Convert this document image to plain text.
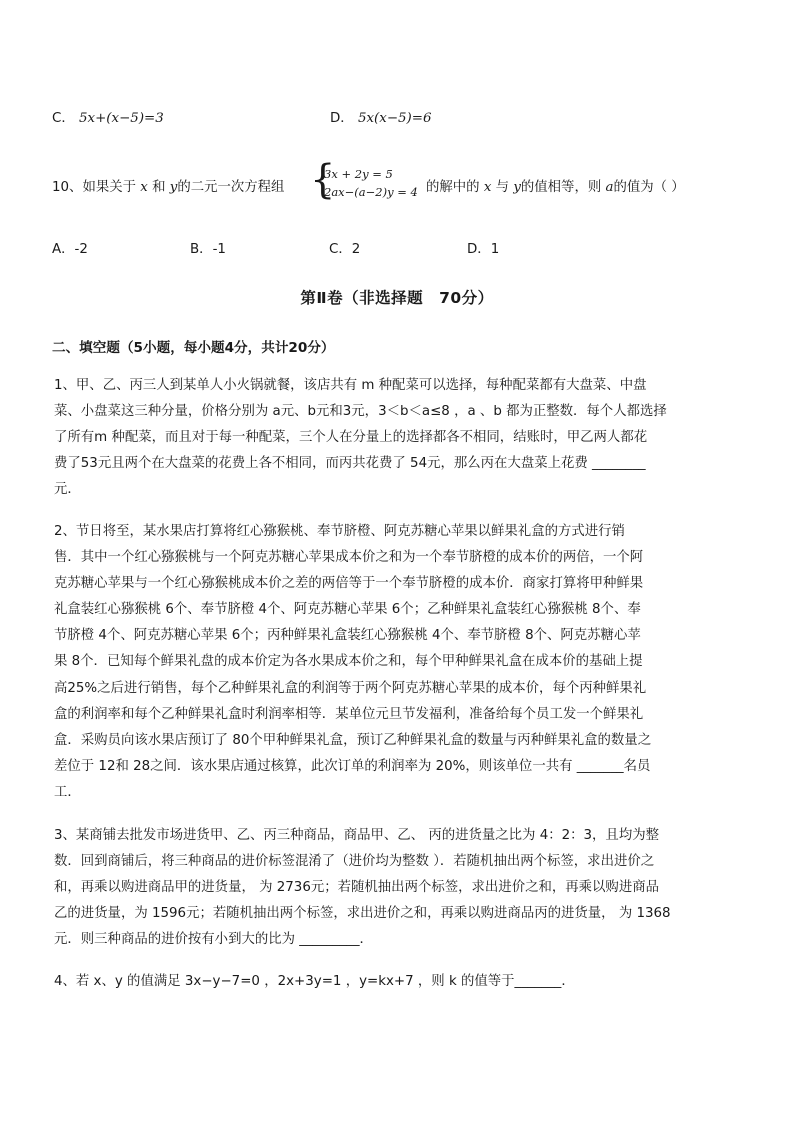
C． 5x+(x−5)=3	D． 5x(x−5)=6
10、如果关于 x 和 y的二元一次方程组 {
3x + 2y = 5
2ax−(a−2)y = 4 的解中的 x 与 y的值相等，则 a的值为（ ）
A．-2	B．-1	C．2	D．1
第Ⅱ卷（非选择题　70分）
二、填空题（5小题，每小题4分，共计20分）
1、甲、乙、丙三人到某单人小火锅就餐，该店共有 m 种配菜可以选择，每种配菜都有大盘菜、中盘
菜、小盘菜这三种分量，价格分别为 a元、b元和3元，3＜b＜a≤8 ，a 、b 都为正整数．每个人都选择
了所有m 种配菜，而且对于每一种配菜，三个人在分量上的选择都各不相同，结账时，甲乙两人都花
费了53元且两个在大盘菜的花费上各不相同，而丙共花费了 54元，那么丙在大盘菜上花费 ________
元．
2、节日将至，某水果店打算将红心猕猴桃、奉节脐橙、阿克苏糖心苹果以鲜果礼盒的方式进行销
售．其中一个红心猕猴桃与一个阿克苏糖心苹果成本价之和为一个奉节脐橙的成本价的两倍，一个阿
克苏糖心苹果与一个红心猕猴桃成本价之差的两倍等于一个奉节脐橙的成本价．商家打算将甲种鲜果
礼盒装红心猕猴桃 6个、奉节脐橙 4个、阿克苏糖心苹果 6个；乙种鲜果礼盒装红心猕猴桃 8个、奉
节脐橙 4个、阿克苏糖心苹果 6个；丙种鲜果礼盒装红心猕猴桃 4个、奉节脐橙 8个、阿克苏糖心苹
果 8个．已知每个鲜果礼盘的成本价定为各水果成本价之和，每个甲种鲜果礼盒在成本价的基础上提
高25%之后进行销售，每个乙种鲜果礼盒的利润等于两个阿克苏糖心苹果的成本价，每个丙种鲜果礼
盒的利润率和每个乙种鲜果礼盒时利润率相等．某单位元旦节发福利，准备给每个员工发一个鲜果礼
盒．采购员向该水果店预订了 80个甲种鲜果礼盒，预订乙种鲜果礼盒的数量与丙种鲜果礼盒的数量之
差位于 12和 28之间．该水果店通过核算，此次订单的利润率为 20%，则该单位一共有 _______名员
工．
3、某商铺去批发市场进货甲、乙、丙三种商品，商品甲、乙、 丙的进货量之比为 4：2：3，且均为整
数．回到商铺后，将三种商品的进价标签混淆了（进价均为整数 ）．若随机抽出两个标签，求出进价之
和，再乘以购进商品甲的进货量， 为 2736元；若随机抽出两个标签，求出进价之和，再乘以购进商品
乙的进货量，为 1596元；若随机抽出两个标签，求出进价之和，再乘以购进商品丙的进货量， 为 1368
元．则三种商品的进价按有小到大的比为 _________．
4、若 x、y 的值满足 3x−y−7=0 ，2x+3y=1 ，y=kx+7 ，则 k 的值等于_______．
